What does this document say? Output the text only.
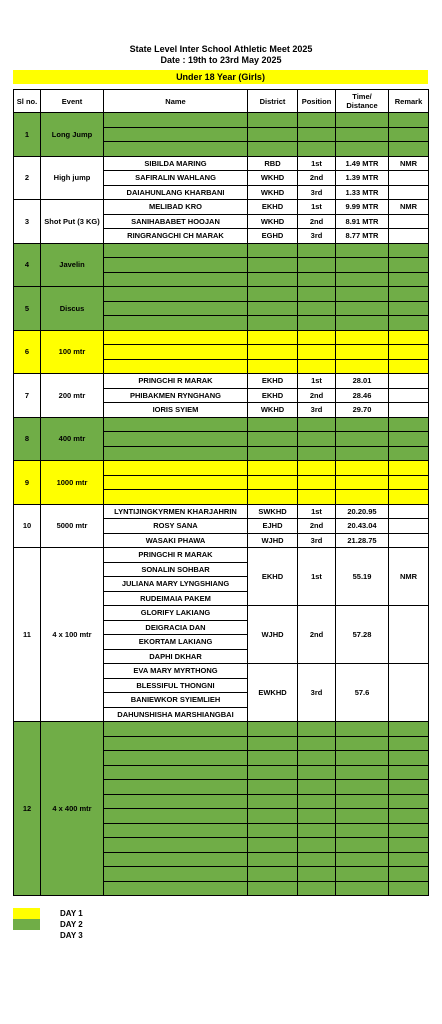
State Level Inter School Athletic Meet 2025
Date : 19th to 23rd May 2025
Under 18 Year (Girls)
Sl no.	Event	Name	District	Position	Time/ Distance	Remark
1	Long Jump					

2	High jump	SIBILDA MARING	RBD	1st	1.49 MTR	NMR
		SAFIRALIN WAHLANG	WKHD	2nd	1.39 MTR	
		DAIAHUNLANG KHARBANI	WKHD	3rd	1.33 MTR	
3	Shot Put (3 KG)	MELIBAD KRO	EKHD	1st	9.99 MTR	NMR
		SANIHABABET HOOJAN	WKHD	2nd	8.91 MTR	
		RINGRANGCHI CH MARAK	EGHD	3rd	8.77 MTR	
4	Javelin					

5	Discus					

6	100 mtr					

7	200 mtr	PRINGCHI R MARAK	EKHD	1st	28.01	
		PHIBAKMEN RYNGHANG	EKHD	2nd	28.46	
		IORIS SYIEM	WKHD	3rd	29.70	
8	400 mtr					

9	1000 mtr					

10	5000 mtr	LYNTIJINGKYRMEN KHARJAHRIN	SWKHD	1st	20.20.95	
		ROSY SANA	EJHD	2nd	20.43.04	
		WASAKI PHAWA	WJHD	3rd	21.28.75	
11	4 x 100 mtr	PRINGCHI R MARAK	EKHD	1st	55.19	NMR
		SONALIN SOHBAR				
		JULIANA MARY LYNGSHIANG				
		RUDEIMAIA PAKEM				
		GLORIFY LAKIANG	WJHD	2nd	57.28	
		DEIGRACIA DAN				
		EKORTAM LAKIANG				
		DAPHI DKHAR				
		EVA MARY MYRTHONG	EWKHD	3rd	57.6	
		BLESSIFUL THONGNI				
		BANIEWKOR SYIEMLIEH				
		DAHUNSHISHA MARSHIANGBAI				
12	4 x 400 mtr					

DAY 1
DAY 2
DAY 3
